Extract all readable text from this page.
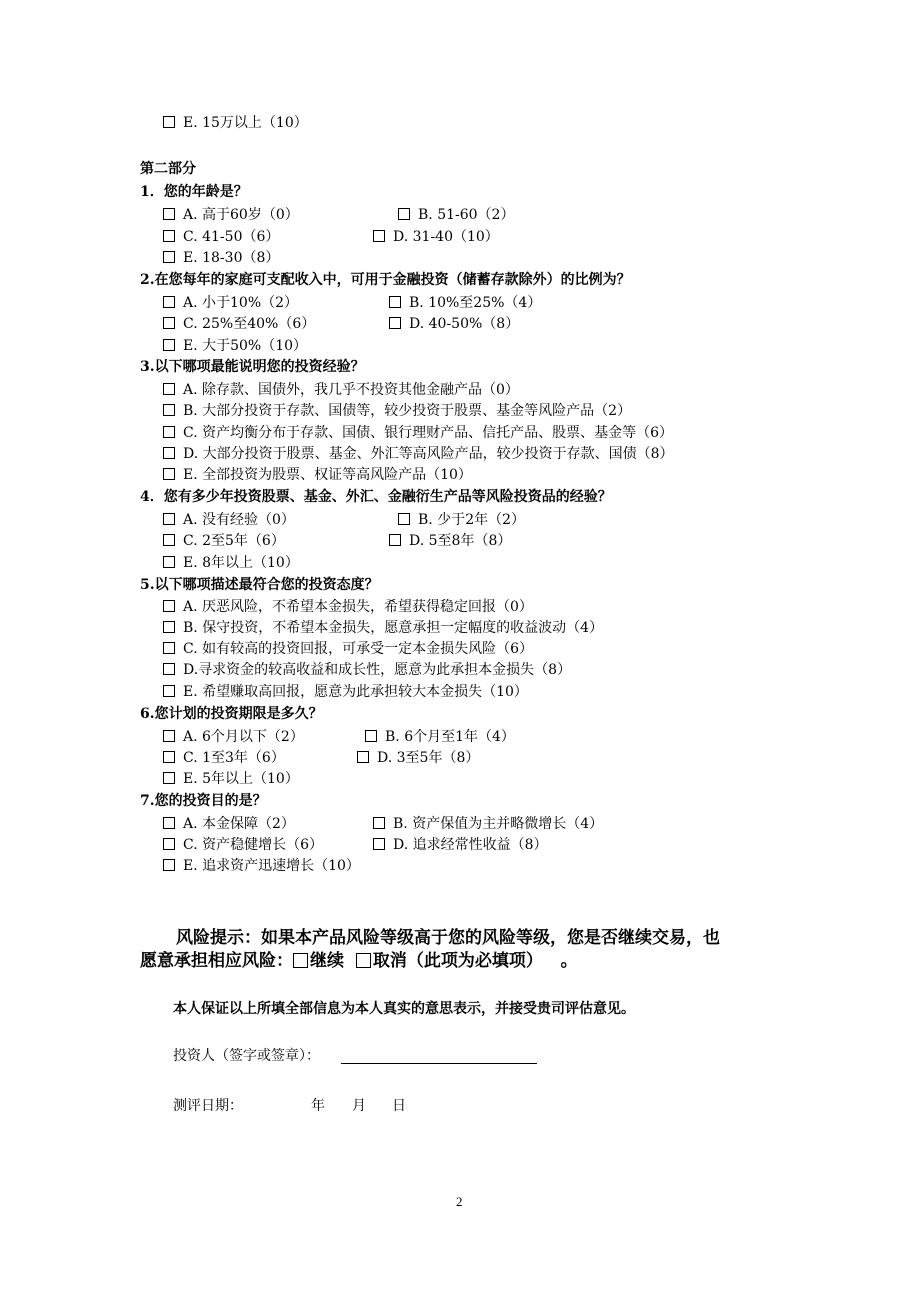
E. 15万以上（10）
第二部分
1．您的年龄是？
A. 高于60岁（0）	B. 51-60（2）
C. 41-50（6）	D. 31-40（10）
E. 18-30（8）
2.在您每年的家庭可支配收入中，可用于金融投资（储蓄存款除外）的比例为？
A. 小于10%（2）	B. 10%至25%（4）
C. 25%至40%（6）	D. 40-50%（8）
E. 大于50%（10）
3.以下哪项最能说明您的投资经验？
A. 除存款、国债外，我几乎不投资其他金融产品（0）
B. 大部分投资于存款、国债等，较少投资于股票、基金等风险产品（2）
C. 资产均衡分布于存款、国债、银行理财产品、信托产品、股票、基金等（6）
D. 大部分投资于股票、基金、外汇等高风险产品，较少投资于存款、国债（8）
E. 全部投资为股票、权证等高风险产品（10）
4．您有多少年投资股票、基金、外汇、金融衍生产品等风险投资品的经验？
A. 没有经验（0）	B. 少于2年（2）
C. 2至5年（6）	D. 5至8年（8）
E. 8年以上（10）
5.以下哪项描述最符合您的投资态度？
A. 厌恶风险，不希望本金损失，希望获得稳定回报（0）
B. 保守投资，不希望本金损失，愿意承担一定幅度的收益波动（4）
C. 如有较高的投资回报，可承受一定本金损失风险（6）
D.寻求资金的较高收益和成长性，愿意为此承担本金损失（8）
E. 希望赚取高回报，愿意为此承担较大本金损失（10）
6.您计划的投资期限是多久？
A. 6个月以下（2）	B. 6个月至1年（4）
C. 1至3年（6）	D. 3至5年（8）
E. 5年以上（10）
7.您的投资目的是？
A. 本金保障（2）	B. 资产保值为主并略微增长（4）
C. 资产稳健增长（6）	D. 追求经常性收益（8）
E. 追求资产迅速增长（10）
风险提示：如果本产品风险等级高于您的风险等级，您是否继续交易，也
愿意承担相应风险： 继续 取消（此项为必填项） 。
本人保证以上所填全部信息为本人真实的意思表示，并接受贵司评估意见。
投资人（签字或签章）：
测评日期：	年 月 日
2
